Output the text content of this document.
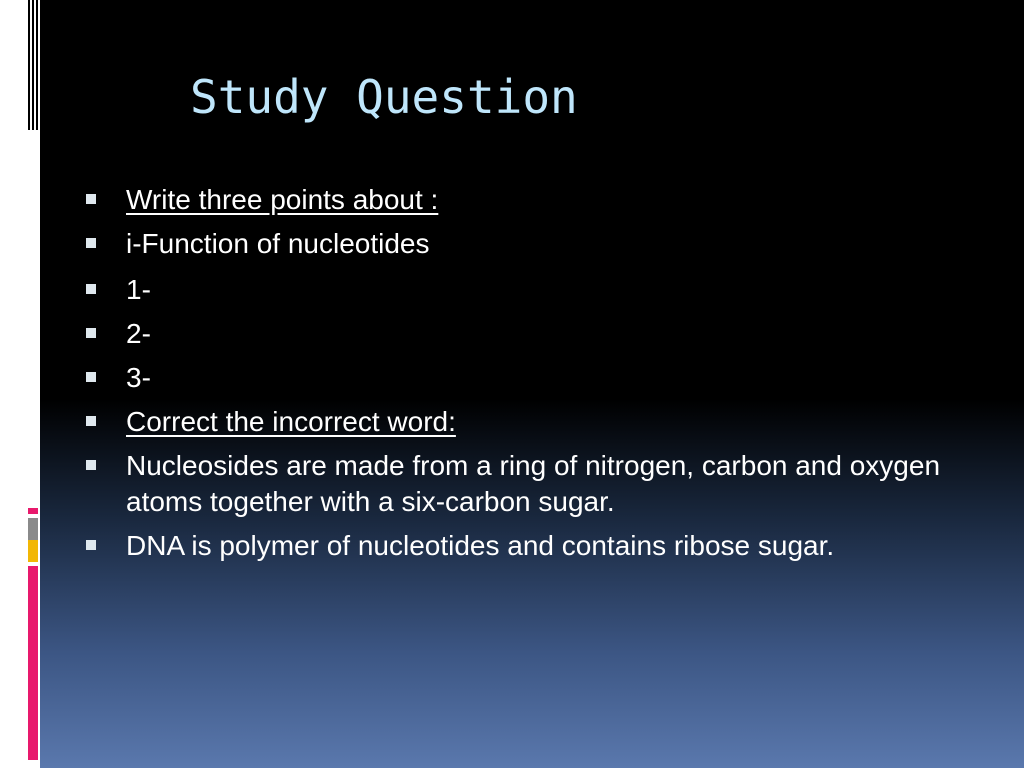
Study Question
Write three points about :
i-Function of nucleotides
1-
2-
3-
Correct the incorrect word:
Nucleosides are made from a ring of nitrogen, carbon and oxygen atoms together with a six-carbon sugar.
DNA is polymer of nucleotides and contains ribose sugar.
